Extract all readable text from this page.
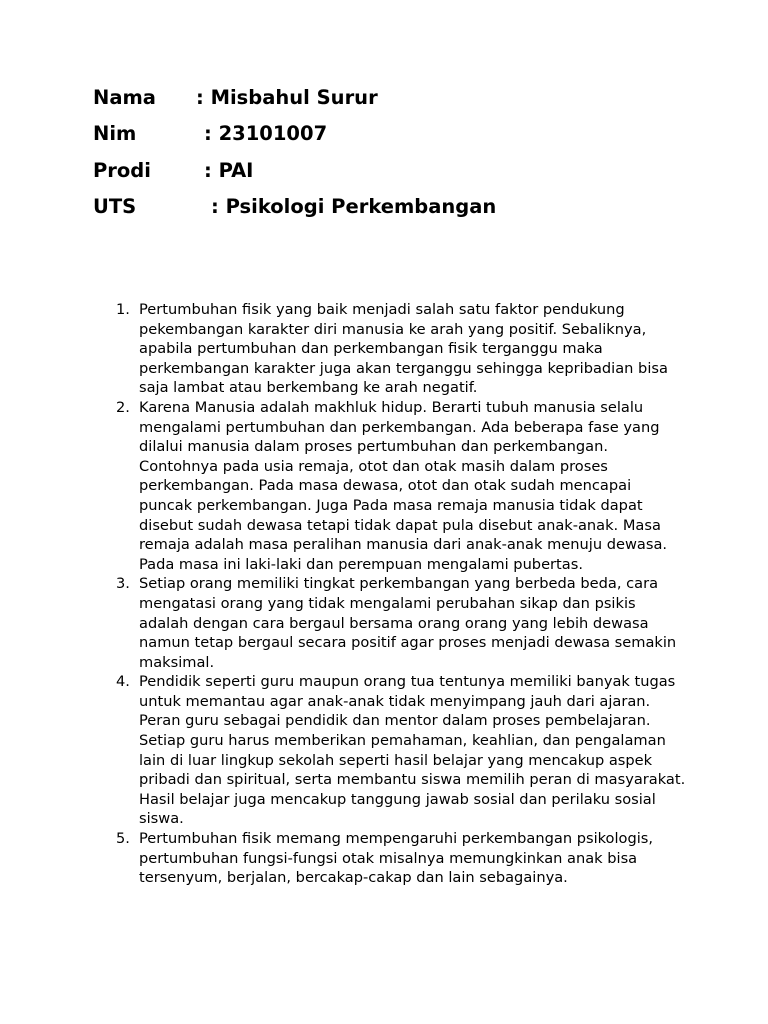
Nama : Misbahul Surur
Nim	: 23101007
Prodi	: PAI
UTS	: Psikologi Perkembangan
1. Pertumbuhan fisik yang baik menjadi salah satu faktor pendukung pekembangan karakter diri manusia ke arah yang positif. Sebaliknya, apabila pertumbuhan dan perkembangan fisik terganggu maka perkembangan karakter juga akan terganggu sehingga kepribadian bisa saja lambat atau berkembang ke arah negatif.
2. Karena Manusia adalah makhluk hidup. Berarti tubuh manusia selalu mengalami pertumbuhan dan perkembangan. Ada beberapa fase yang dilalui manusia dalam proses pertumbuhan dan perkembangan. Contohnya pada usia remaja, otot dan otak masih dalam proses perkembangan. Pada masa dewasa, otot dan otak sudah mencapai puncak perkembangan. Juga Pada masa remaja manusia tidak dapat disebut sudah dewasa tetapi tidak dapat pula disebut anak-anak. Masa remaja adalah masa peralihan manusia dari anak-anak menuju dewasa. Pada masa ini laki-laki dan perempuan mengalami pubertas.
3. Setiap orang memiliki tingkat perkembangan yang berbeda beda, cara mengatasi orang yang tidak mengalami perubahan sikap dan psikis adalah dengan cara bergaul bersama orang orang yang lebih dewasa namun tetap bergaul secara positif agar proses menjadi dewasa semakin maksimal.
4. Pendidik seperti guru maupun orang tua tentunya memiliki banyak tugas untuk memantau agar anak-anak tidak menyimpang jauh dari ajaran. Peran guru sebagai pendidik dan mentor dalam proses pembelajaran. Setiap guru harus memberikan pemahaman, keahlian, dan pengalaman lain di luar lingkup sekolah seperti hasil belajar yang mencakup aspek pribadi dan spiritual, serta membantu siswa memilih peran di masyarakat. Hasil belajar juga mencakup tanggung jawab sosial dan perilaku sosial siswa.
5. Pertumbuhan fisik memang mempengaruhi perkembangan psikologis, pertumbuhan fungsi-fungsi otak misalnya memungkinkan anak bisa tersenyum, berjalan, bercakap-cakap dan lain sebagainya.
